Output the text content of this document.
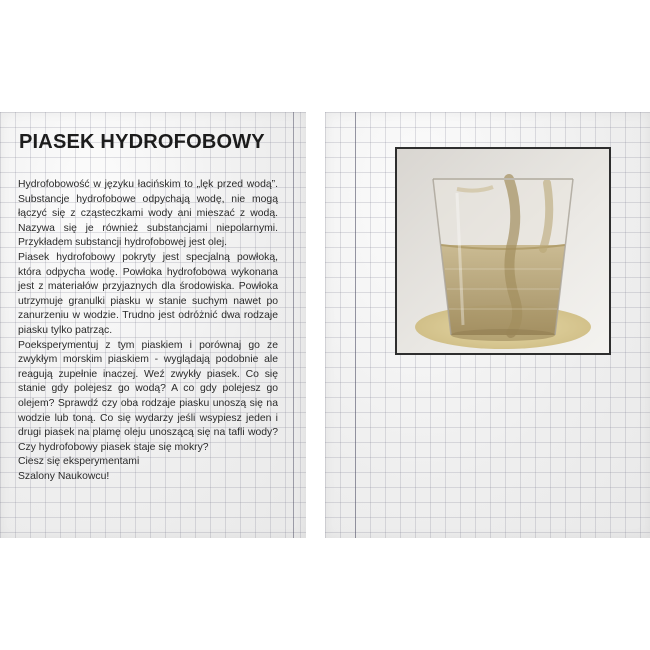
PIASEK HYDROFOBOWY

Hydrofobowość w języku łacińskim to „lęk przed wodą”. Substancje hydrofobowe odpychają wodę, nie mogą łączyć się z cząsteczkami wody ani mieszać z wodą. Nazywa się je również substancjami niepolarnymi. Przykładem substancji hydrofobowej jest olej.

Piasek hydrofobowy pokryty jest specjalną powłoką, która odpycha wodę. Powłoka hydrofobowa wykonana jest z materiałów przyjaznych dla środowiska. Powłoka utrzymuje granulki piasku w stanie suchym nawet po zanurzeniu w wodzie. Trudno jest odróżnić dwa rodzaje piasku tylko patrząc.

Poeksperymentuj z tym piaskiem i porównaj go ze zwykłym morskim piaskiem - wyglądają podobnie ale reagują zupełnie inaczej. Weź zwykły piasek. Co się stanie gdy polejesz go wodą? A co gdy polejesz go olejem? Sprawdź czy oba rodzaje piasku unoszą się na wodzie lub toną. Co się wydarzy jeśli wsypiesz jeden i drugi piasek na plamę oleju unoszącą się na tafli wody? Czy hydrofobowy piasek staje się mokry?

Ciesz się eksperymentami

Szalony Naukowcu!
